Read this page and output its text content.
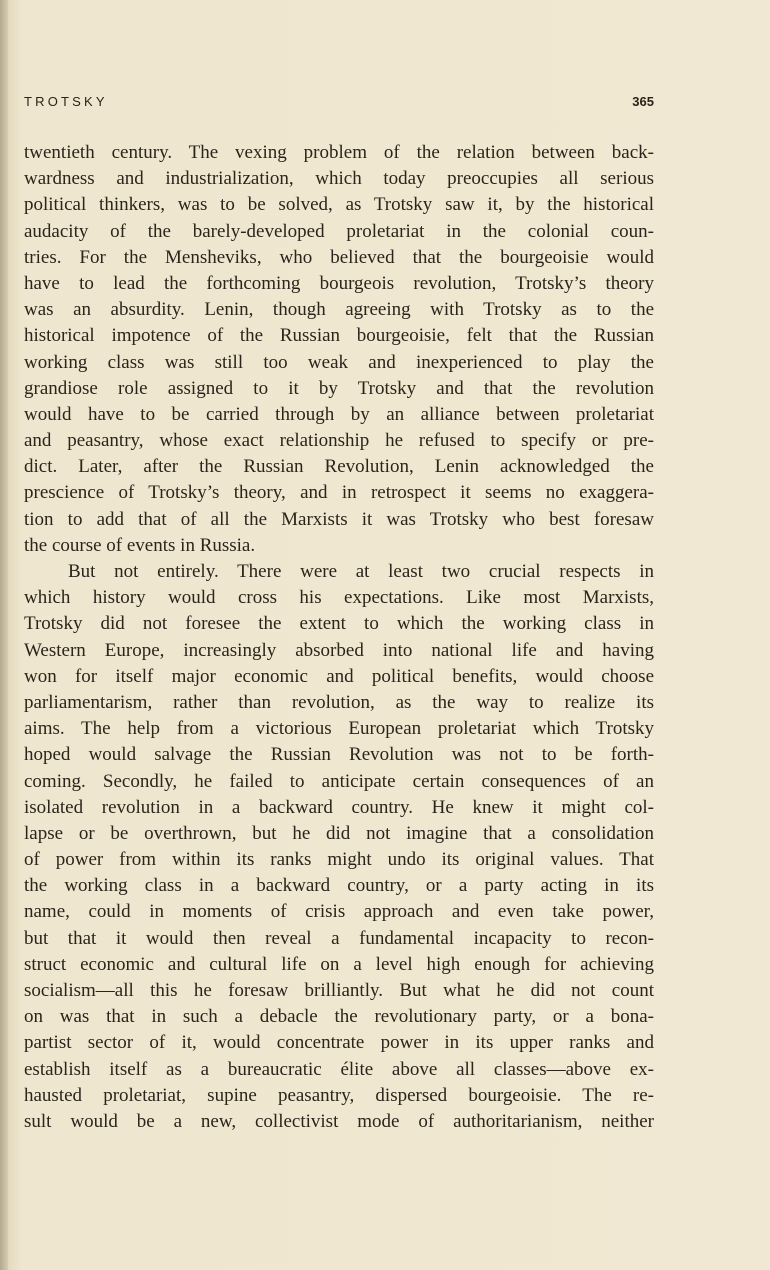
TROTSKY	365
twentieth century. The vexing problem of the relation between back-
wardness and industrialization, which today preoccupies all serious
political thinkers, was to be solved, as Trotsky saw it, by the historical
audacity of the barely-developed proletariat in the colonial coun-
tries. For the Mensheviks, who believed that the bourgeoisie would
have to lead the forthcoming bourgeois revolution, Trotsky’s theory
was an absurdity. Lenin, though agreeing with Trotsky as to the
historical impotence of the Russian bourgeoisie, felt that the Russian
working class was still too weak and inexperienced to play the
grandiose role assigned to it by Trotsky and that the revolution
would have to be carried through by an alliance between proletariat
and peasantry, whose exact relationship he refused to specify or pre-
dict. Later, after the Russian Revolution, Lenin acknowledged the
prescience of Trotsky’s theory, and in retrospect it seems no exaggera-
tion to add that of all the Marxists it was Trotsky who best foresaw
the course of events in Russia.
But not entirely. There were at least two crucial respects in
which history would cross his expectations. Like most Marxists,
Trotsky did not foresee the extent to which the working class in
Western Europe, increasingly absorbed into national life and having
won for itself major economic and political benefits, would choose
parliamentarism, rather than revolution, as the way to realize its
aims. The help from a victorious European proletariat which Trotsky
hoped would salvage the Russian Revolution was not to be forth-
coming. Secondly, he failed to anticipate certain consequences of an
isolated revolution in a backward country. He knew it might col-
lapse or be overthrown, but he did not imagine that a consolidation
of power from within its ranks might undo its original values. That
the working class in a backward country, or a party acting in its
name, could in moments of crisis approach and even take power,
but that it would then reveal a fundamental incapacity to recon-
struct economic and cultural life on a level high enough for achieving
socialism—all this he foresaw brilliantly. But what he did not count
on was that in such a debacle the revolutionary party, or a bona-
partist sector of it, would concentrate power in its upper ranks and
establish itself as a bureaucratic élite above all classes—above ex-
hausted proletariat, supine peasantry, dispersed bourgeoisie. The re-
sult would be a new, collectivist mode of authoritarianism, neither
